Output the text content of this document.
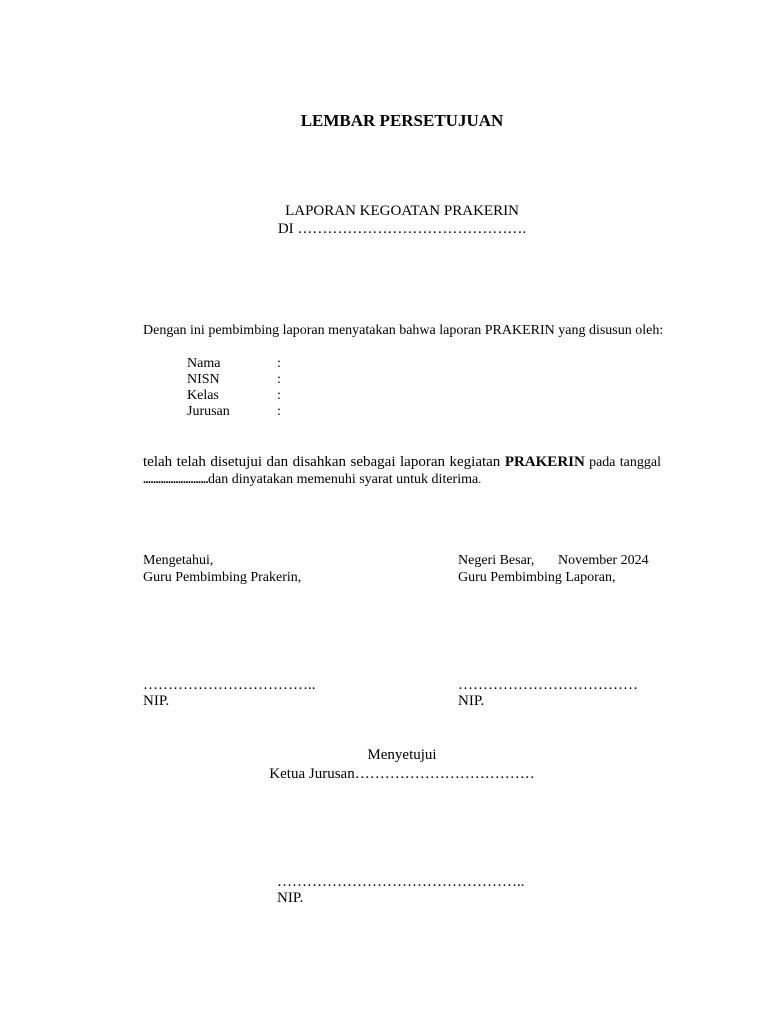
LEMBAR PERSETUJUAN
LAPORAN KEGOATAN PRAKERIN
DI ……………………………………….
Dengan ini pembimbing laporan menyatakan bahwa laporan PRAKERIN yang disusun oleh:
Nama	:
NISN	:
Kelas	:
Jurusan	:
telah telah disetujui dan disahkan sebagai laporan kegiatan PRAKERIN pada tanggal ..........................dan dinyatakan memenuhi syarat untuk diterima.
Mengetahui,
Guru Pembimbing Prakerin,
……………………………..
NIP.
Negeri Besar, November 2024
Guru Pembimbing Laporan,
………………………………
NIP.
Menyetujui
Ketua Jurusan………………………………
…………………………………………..
NIP.
